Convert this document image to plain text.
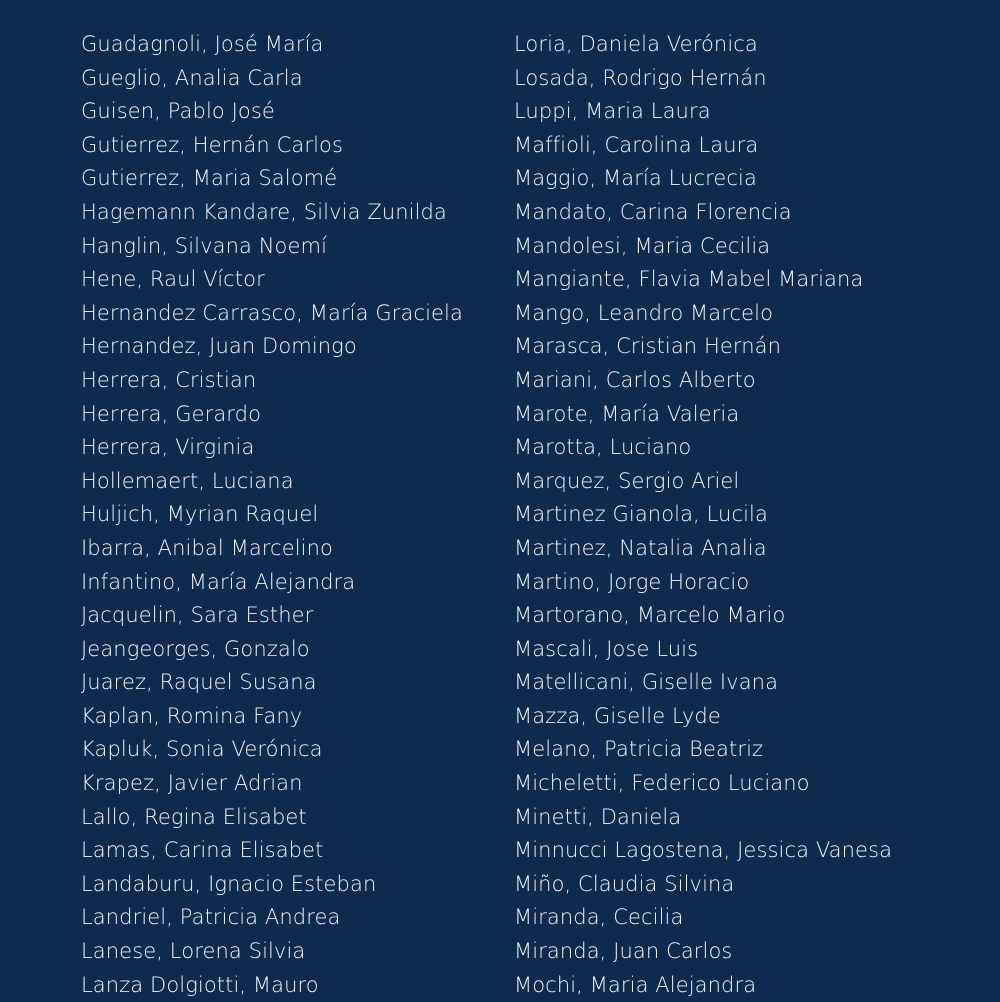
Guadagnoli, José María
Gueglio, Analia Carla
Guisen, Pablo José
Gutierrez, Hernán Carlos
Gutierrez, Maria Salomé
Hagemann Kandare, Silvia Zunilda
Hanglin, Silvana Noemí
Hene, Raul Víctor
Hernandez Carrasco, María Graciela
Hernandez, Juan Domingo
Herrera, Cristian
Herrera, Gerardo
Herrera, Virginia
Hollemaert, Luciana
Huljich, Myrian Raquel
Ibarra, Anibal Marcelino
Infantino, María Alejandra
Jacquelin, Sara Esther
Jeangeorges, Gonzalo
Juarez, Raquel Susana
Kaplan, Romina Fany
Kapluk, Sonia Verónica
Krapez, Javier Adrian
Lallo, Regina Elisabet
Lamas, Carina Elisabet
Landaburu, Ignacio Esteban
Landriel, Patricia Andrea
Lanese, Lorena Silvia
Lanza Dolgiotti, Mauro
Loria, Daniela Verónica
Losada, Rodrigo Hernán
Luppi, Maria Laura
Maffioli, Carolina Laura
Maggio, María Lucrecia
Mandato, Carina Florencia
Mandolesi, Maria Cecilia
Mangiante, Flavia Mabel Mariana
Mango, Leandro Marcelo
Marasca, Cristian Hernán
Mariani, Carlos Alberto
Marote, María Valeria
Marotta, Luciano
Marquez, Sergio Ariel
Martinez Gianola, Lucila
Martinez, Natalia Analia
Martino, Jorge Horacio
Martorano, Marcelo Mario
Mascali, Jose Luis
Matellicani, Giselle Ivana
Mazza, Giselle Lyde
Melano, Patricia Beatriz
Micheletti, Federico Luciano
Minetti, Daniela
Minnucci Lagostena, Jessica Vanesa
Miño, Claudia Silvina
Miranda, Cecilia
Miranda, Juan Carlos
Mochi, Maria Alejandra
